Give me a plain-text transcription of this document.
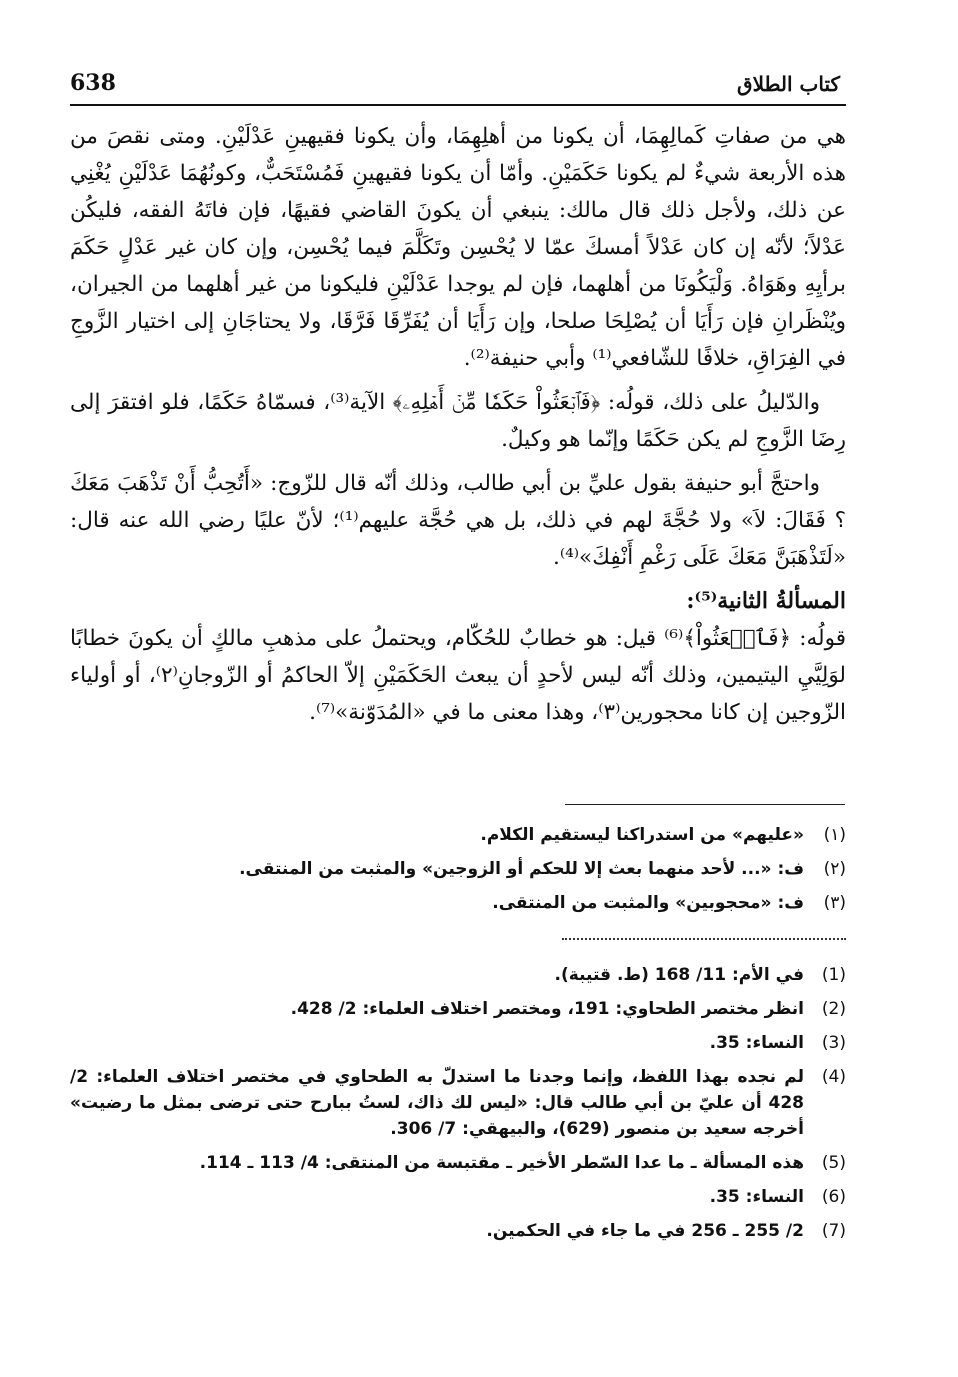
كتاب الطلاق
638

هي من صفاتِ كَمالِهِمَا، أن يكونا من أهلِهِمَا، وأن يكونا فقيهينِ عَدْلَيْنِ. ومتى نقصَ من هذه الأربعة شيءٌ لم يكونا حَكَمَيْنِ. وأمّا أن يكونا فقيهينِ فَمُسْتَحَبٌّ، وكونُهُمَا عَدْلَيْنِ يُغْنِي عن ذلك، ولأجل ذلك قال مالك: ينبغي أن يكونَ القاضي فقيهًا، فإن فاتَهُ الفقه، فليكُن عَدْلاً؛ لأنّه إن كان عَدْلاً أمسكَ عمّا لا يُحْسِن وتَكَلَّمَ فيما يُحْسِن، وإن كان غير عَدْلٍ حَكَمَ برأيِهِ وهَوَاهُ. وَلْيَكُونَا من أهلهما، فإن لم يوجدا عَدْلَيْنِ فليكونا من غير أهلهما من الجيران، ويُنْظَرانِ فإن رَأَيَا أن يُصْلِحَا صلحا، وإن رَأَيَا أن يُفَرِّقَا فَرَّقَا، ولا يحتاجَانِ إلى اختيار الزَّوجِ في الفِرَاقِ، خلافًا للشّافعي⁽¹⁾ وأبي حنيفة⁽²⁾.

والدّليلُ على ذلك، قولُه: ﴿فَٱبۡعَثُواْ حَكَمٗا مِّنۡ أَهۡلِهِۦ﴾ الآية⁽³⁾، فسمّاهُ حَكَمًا، فلو افتقرَ إلى رِضَا الزَّوجِ لم يكن حَكَمًا وإنّما هو وكيلٌ.

واحتجَّ أبو حنيفة بقول عليِّ بن أبي طالب، وذلك أنّه قال للزّوج: «أَتُحِبُّ أَنْ تَذْهَبَ مَعَكَ ؟ فَقَالَ: لاَ» ولا حُجَّةَ لهم في ذلك، بل هي حُجَّة عليهم⁽¹⁾؛ لأنّ عليًا رضي الله عنه قال: «لَتَذْهَبَنَّ مَعَكَ عَلَى رَغْمِ أَنْفِكَ»⁽⁴⁾.

المسألةُ الثانية⁽⁵⁾:

قولُه: ﴿فَٱبۡعَثُواْ﴾⁽⁶⁾ قيل: هو خطابٌ للحُكّام، ويحتملُ على مذهبِ مالكٍ أن يكونَ خطابًا لوَلِيَّيِ اليتيمين، وذلك أنّه ليس لأحدٍ أن يبعث الحَكَمَيْنِ إلاّ الحاكمُ أو الزّوجانِ⁽٢⁾، أو أولياء الزّوجين إن كانا محجورين⁽٣⁾، وهذا معنى ما في «المُدَوّنة»⁽⁷⁾.

(١)
«عليهم» من استدراكنا ليستقيم الكلام.
(٢)
ف: «... لأحد منهما بعث إلا للحكم أو الزوجين» والمثبت من المنتقى.
(٣)
ف: «محجوبين» والمثبت من المنتقى.
(1)
في الأم: 11/ 168 (ط. قتيبة).
(2)
انظر مختصر الطحاوي: 191، ومختصر اختلاف العلماء: 2/ 428.
(3)
النساء: 35.
(4)
لم نجده بهذا اللفظ، وإنما وجدنا ما استدلّ به الطحاوي في مختصر اختلاف العلماء: 2/ 428 أن عليّ بن أبي طالب قال: «ليس لك ذاك، لستُ ببارح حتى ترضى بمثل ما رضيت» أخرجه سعيد بن منصور (629)، والبيهقي: 7/ 306.
(5)
هذه المسألة ـ ما عدا السّطر الأخير ـ مقتبسة من المنتقى: 4/ 113 ـ 114.
(6)
النساء: 35.
(7)
2/ 255 ـ 256 في ما جاء في الحكمين.
